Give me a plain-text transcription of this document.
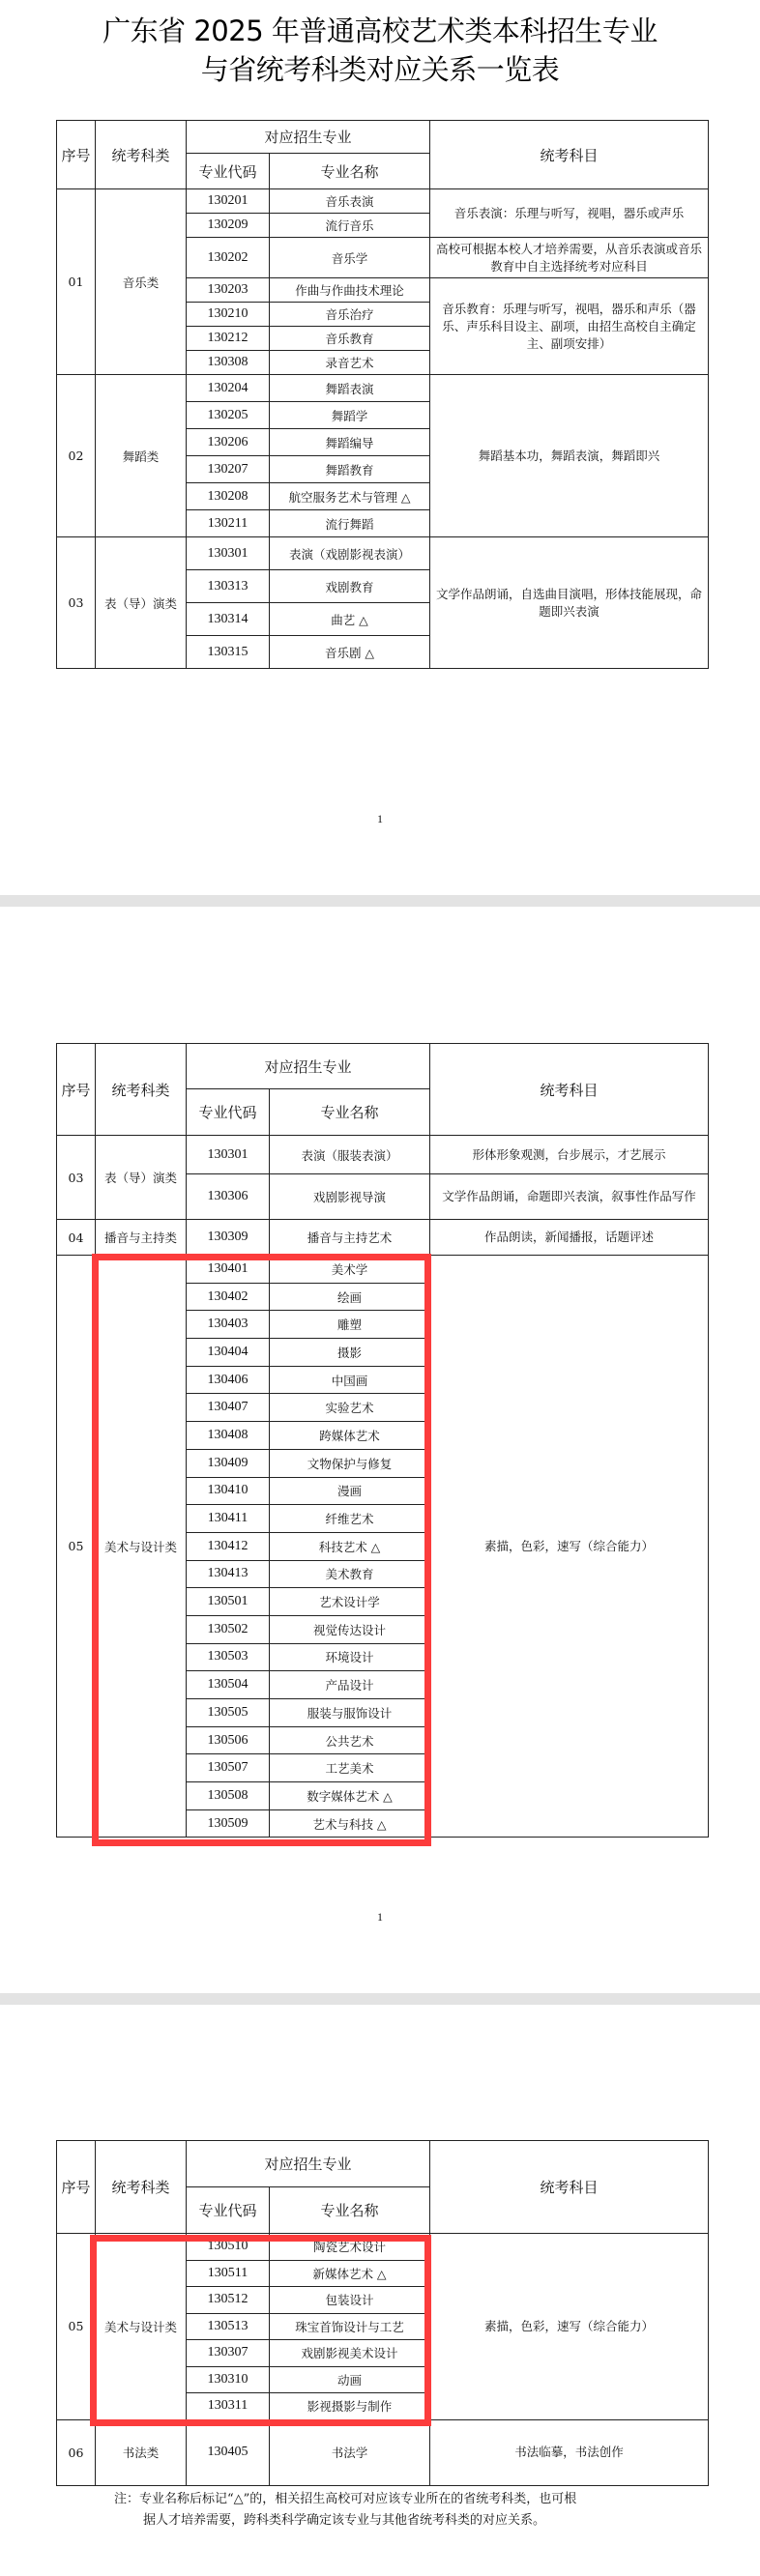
广东省 2025 年普通高校艺术类本科招生专业
与省统考科类对应关系一览表
序号	统考科类	对应招生专业		统考科目
		专业代码	专业名称	
01	音乐类	130201	音乐表演	音乐表演：乐理与听写，视唱，器乐或声乐
		130209	流行音乐	
		130202	音乐学	高校可根据本校人才培养需要，从音乐表演或音乐教育中自主选择统考对应科目
		130203	作曲与作曲技术理论	音乐教育：乐理与听写，视唱，器乐和声乐（器乐、声乐科目设主、副项，由招生高校自主确定主、副项安排）
		130210	音乐治疗	
		130212	音乐教育	
		130308	录音艺术	
02	舞蹈类	130204	舞蹈表演	舞蹈基本功，舞蹈表演，舞蹈即兴
		130205	舞蹈学	
		130206	舞蹈编导	
		130207	舞蹈教育	
		130208	航空服务艺术与管理 △	
		130211	流行舞蹈	
03	表（导）演类	130301	表演（戏剧影视表演）	文学作品朗诵，自选曲目演唱，形体技能展现，命题即兴表演
		130313	戏剧教育	
		130314	曲艺 △	
		130315	音乐剧 △	
1
序号	统考科类	对应招生专业		统考科目
		专业代码	专业名称	
03	表（导）演类	130301	表演（服装表演）	形体形象观测，台步展示，才艺展示
		130306	戏剧影视导演	文学作品朗诵，命题即兴表演，叙事性作品写作
04	播音与主持类	130309	播音与主持艺术	作品朗读，新闻播报，话题评述
05	美术与设计类	130401	美术学	素描，色彩，速写（综合能力）
		130402	绘画	
		130403	雕塑	
		130404	摄影	
		130406	中国画	
		130407	实验艺术	
		130408	跨媒体艺术	
		130409	文物保护与修复	
		130410	漫画	
		130411	纤维艺术	
		130412	科技艺术 △	
		130413	美术教育	
		130501	艺术设计学	
		130502	视觉传达设计	
		130503	环境设计	
		130504	产品设计	
		130505	服装与服饰设计	
		130506	公共艺术	
		130507	工艺美术	
		130508	数字媒体艺术 △	
		130509	艺术与科技 △	
1
序号	统考科类	对应招生专业		统考科目
		专业代码	专业名称	
05	美术与设计类	130510	陶瓷艺术设计	素描，色彩，速写（综合能力）
		130511	新媒体艺术 △	
		130512	包装设计	
		130513	珠宝首饰设计与工艺	
		130307	戏剧影视美术设计	
		130310	动画	
		130311	影视摄影与制作	
06	书法类	130405	书法学	书法临摹，书法创作
注：专业名称后标记“△”的，相关招生高校可对应该专业所在的省统考科类，也可根
据人才培养需要，跨科类科学确定该专业与其他省统考科类的对应关系。
